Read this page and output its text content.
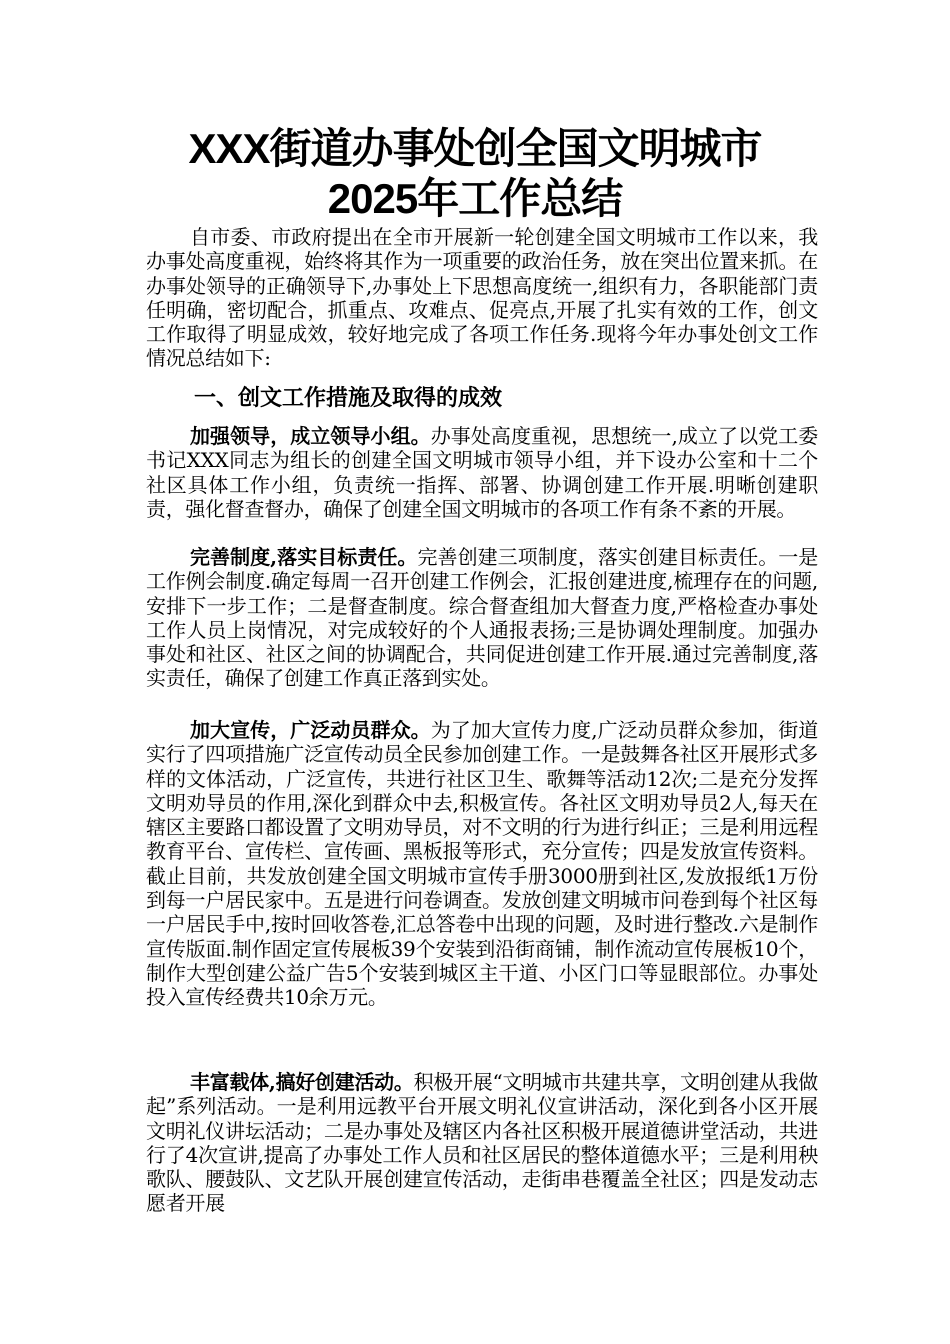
XXX街道办事处创全国文明城市
2025年工作总结

自市委、市政府提出在全市开展新一轮创建全国文明城市工作以来，我办事处高度重视，始终将其作为一项重要的政治任务，放在突出位置来抓。在办事处领导的正确领导下,办事处上下思想高度统一,组织有力，各职能部门责任明确，密切配合，抓重点、攻难点、促亮点,开展了扎实有效的工作，创文工作取得了明显成效，较好地完成了各项工作任务.现将今年办事处创文工作情况总结如下:

一、创文工作措施及取得的成效

加强领导，成立领导小组。办事处高度重视，思想统一,成立了以党工委书记XXX同志为组长的创建全国文明城市领导小组，并下设办公室和十二个社区具体工作小组，负责统一指挥、部署、协调创建工作开展.明晰创建职责，强化督查督办，确保了创建全国文明城市的各项工作有条不紊的开展。

完善制度,落实目标责任。完善创建三项制度，落实创建目标责任。一是工作例会制度.确定每周一召开创建工作例会，汇报创建进度,梳理存在的问题,安排下一步工作；二是督查制度。综合督查组加大督查力度,严格检查办事处工作人员上岗情况，对完成较好的个人通报表扬;三是协调处理制度。加强办事处和社区、社区之间的协调配合，共同促进创建工作开展.通过完善制度,落实责任，确保了创建工作真正落到实处。

加大宣传，广泛动员群众。为了加大宣传力度,广泛动员群众参加，街道实行了四项措施广泛宣传动员全民参加创建工作。一是鼓舞各社区开展形式多样的文体活动，广泛宣传，共进行社区卫生、歌舞等活动12次;二是充分发挥文明劝导员的作用,深化到群众中去,积极宣传。各社区文明劝导员2人,每天在辖区主要路口都设置了文明劝导员，对不文明的行为进行纠正；三是利用远程教育平台、宣传栏、宣传画、黑板报等形式，充分宣传；四是发放宣传资料。截止目前，共发放创建全国文明城市宣传手册3000册到社区,发放报纸1万份到每一户居民家中。五是进行问卷调查。发放创建文明城市问卷到每个社区每一户居民手中,按时回收答卷,汇总答卷中出现的问题，及时进行整改.六是制作宣传版面.制作固定宣传展板39个安装到沿街商铺，制作流动宣传展板10个，制作大型创建公益广告5个安装到城区主干道、小区门口等显眼部位。办事处投入宣传经费共10余万元。

丰富载体,搞好创建活动。积极开展“文明城市共建共享，文明创建从我做起”系列活动。一是利用远教平台开展文明礼仪宣讲活动，深化到各小区开展文明礼仪讲坛活动；二是办事处及辖区内各社区积极开展道德讲堂活动，共进行了4次宣讲,提高了办事处工作人员和社区居民的整体道德水平；三是利用秧歌队、腰鼓队、文艺队开展创建宣传活动，走街串巷覆盖全社区；四是发动志愿者开展
